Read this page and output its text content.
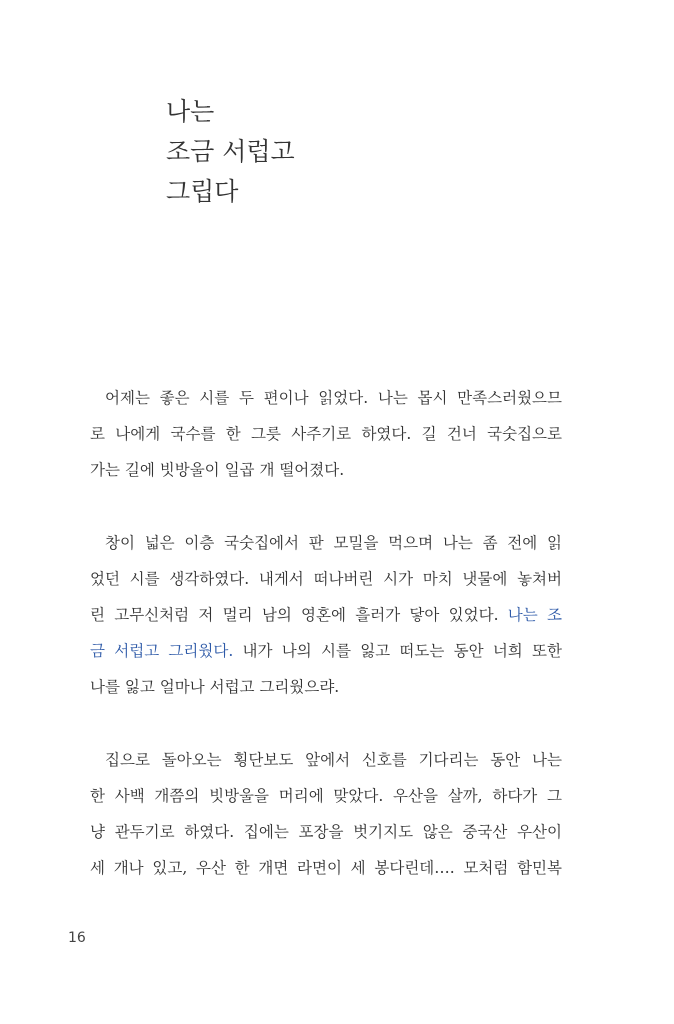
나는
조금 서럽고
그립다
어제는 좋은 시를 두 편이나 읽었다. 나는 몹시 만족스러웠으므
로 나에게 국수를 한 그릇 사주기로 하였다. 길 건너 국숫집으로
가는 길에 빗방울이 일곱 개 떨어졌다.
창이 넓은 이층 국숫집에서 판 모밀을 먹으며 나는 좀 전에 읽
었던 시를 생각하였다. 내게서 떠나버린 시가 마치 냇물에 놓쳐버
린 고무신처럼 저 멀리 남의 영혼에 흘러가 닿아 있었다. 나는 조
금 서럽고 그리웠다. 내가 나의 시를 잃고 떠도는 동안 너희 또한
나를 잃고 얼마나 서럽고 그리웠으랴.
집으로 돌아오는 횡단보도 앞에서 신호를 기다리는 동안 나는
한 사백 개쯤의 빗방울을 머리에 맞았다. 우산을 살까, 하다가 그
냥 관두기로 하였다. 집에는 포장을 벗기지도 않은 중국산 우산이
세 개나 있고, 우산 한 개면 라면이 세 봉다린데…. 모처럼 함민복
16
